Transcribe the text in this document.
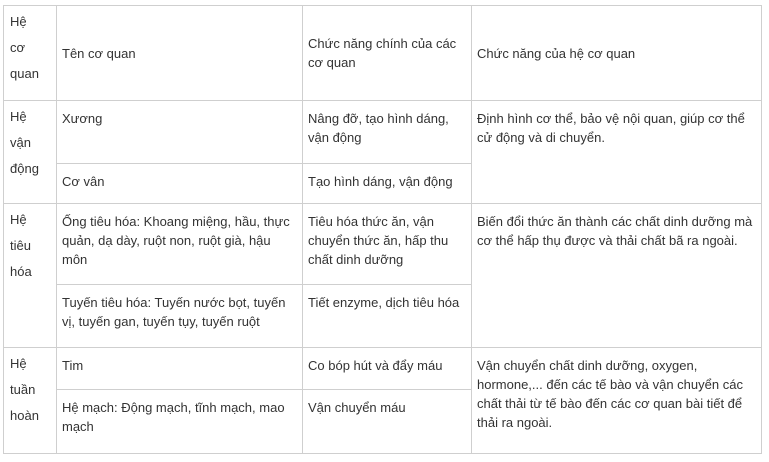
Hệ
cơ
quan	Tên cơ quan	Chức năng chính của các cơ quan	Chức năng của hệ cơ quan

Hệ
vận
động	Xương	Nâng đỡ, tạo hình dáng, vận động	Định hình cơ thể, bảo vệ nội quan, giúp cơ thể cử động và di chuyển.
	Cơ vân	Tạo hình dáng, vận động	

Hệ
tiêu
hóa	Ống tiêu hóa: Khoang miệng, hầu, thực quản, dạ dày, ruột non, ruột già, hậu môn	Tiêu hóa thức ăn, vận chuyển thức ăn, hấp thu chất dinh dưỡng	Biến đổi thức ăn thành các chất dinh dưỡng mà cơ thể hấp thụ được và thải chất bã ra ngoài.
	Tuyến tiêu hóa: Tuyến nước bọt, tuyến vị, tuyến gan, tuyến tụy, tuyến ruột	Tiết enzyme, dịch tiêu hóa	

Hệ
tuần
hoàn	Tim	Co bóp hút và đẩy máu	Vận chuyển chất dinh dưỡng, oxygen, hormone,... đến các tế bào và vận chuyển các chất thải từ tế bào đến các cơ quan bài tiết để thải ra ngoài.
	Hệ mạch: Động mạch, tĩnh mạch, mao mạch	Vận chuyển máu	
